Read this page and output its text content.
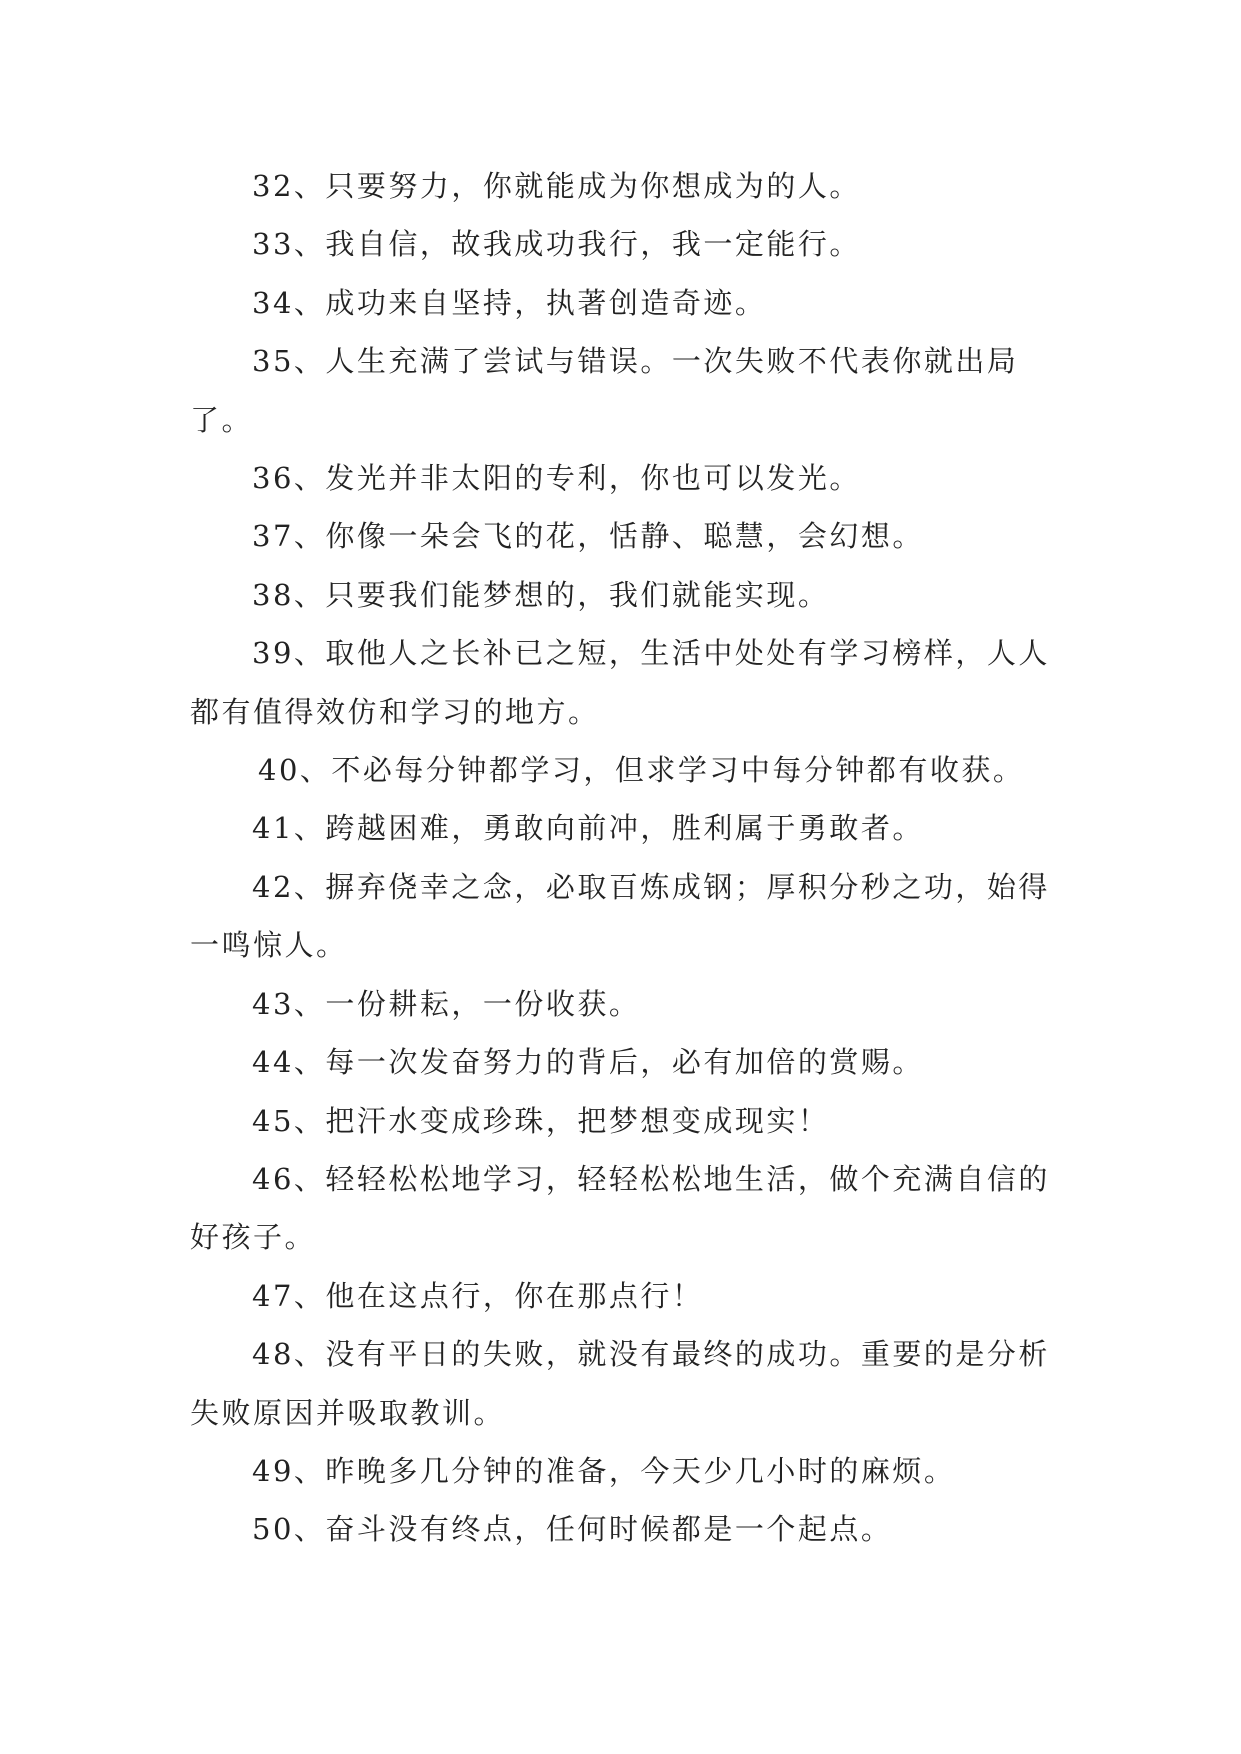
32、只要努力，你就能成为你想成为的人。

33、我自信，故我成功我行，我一定能行。

34、成功来自坚持，执著创造奇迹。

35、人生充满了尝试与错误。一次失败不代表你就出局了。

36、发光并非太阳的专利，你也可以发光。

37、你像一朵会飞的花，恬静、聪慧，会幻想。

38、只要我们能梦想的，我们就能实现。

39、取他人之长补已之短，生活中处处有学习榜样，人人都有值得效仿和学习的地方。

40、不必每分钟都学习，但求学习中每分钟都有收获。

41、跨越困难，勇敢向前冲，胜利属于勇敢者。

42、摒弃侥幸之念，必取百炼成钢；厚积分秒之功，始得一鸣惊人。

43、一份耕耘，一份收获。

44、每一次发奋努力的背后，必有加倍的赏赐。

45、把汗水变成珍珠，把梦想变成现实！

46、轻轻松松地学习，轻轻松松地生活，做个充满自信的好孩子。

47、他在这点行，你在那点行！

48、没有平日的失败，就没有最终的成功。重要的是分析失败原因并吸取教训。

49、昨晚多几分钟的准备，今天少几小时的麻烦。

50、奋斗没有终点，任何时候都是一个起点。
